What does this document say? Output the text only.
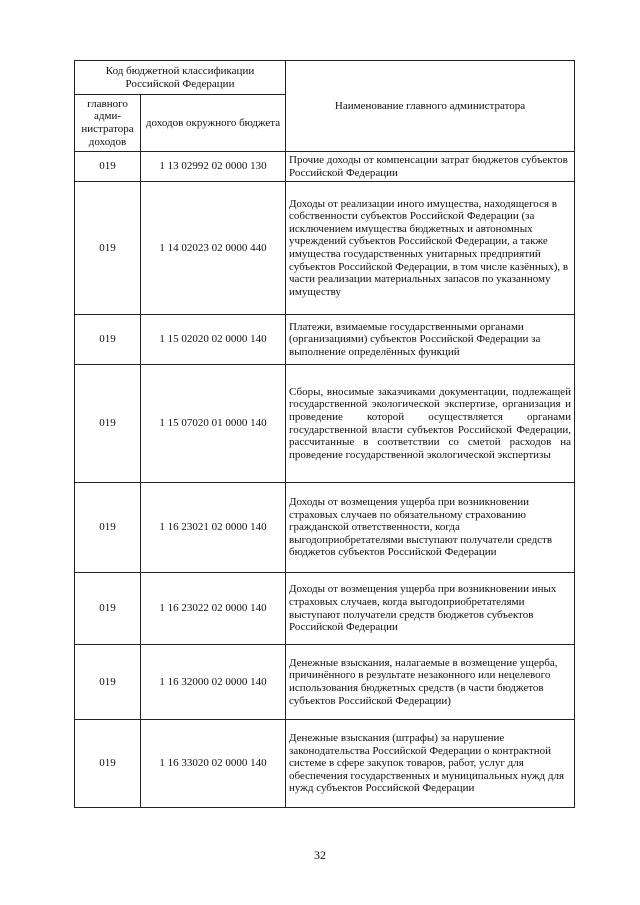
Код бюджетной классификации Российской Федерации		Наименование главного администратора
главного адми-нистратора доходов	доходов окружного бюджета	
019	1 13 02992 02 0000 130	Прочие доходы от компенсации затрат бюджетов субъектов Российской Федерации
019	1 14 02023 02 0000 440	Доходы от реализации иного имущества, находящегося в собственности субъектов Российской Федерации (за исключением имущества бюджетных и автономных учреждений субъектов Российской Федерации, а также имущества государственных унитарных предприятий субъектов Российской Федерации, в том числе казённых), в части реализации материальных запасов по указанному имуществу
019	1 15 02020 02 0000 140	Платежи, взимаемые государственными органами (организациями) субъектов Российской Федерации за выполнение определённых функций
019	1 15 07020 01 0000 140	Сборы, вносимые заказчиками документации, подлежащей государственной экологической экспертизе, организация и проведение которой осуществляется органами государственной власти субъектов Российской Федерации, рассчитанные в соответствии со сметой расходов на проведение государственной экологической экспертизы
019	1 16 23021 02 0000 140	Доходы от возмещения ущерба при возникновении страховых случаев по обязательному страхованию гражданской ответственности, когда выгодоприобретателями выступают получатели средств бюджетов субъектов Российской Федерации
019	1 16 23022 02 0000 140	Доходы от возмещения ущерба при возникновении иных страховых случаев, когда выгодоприобретателями выступают получатели средств бюджетов субъектов Российской Федерации
019	1 16 32000 02 0000 140	Денежные взыскания, налагаемые в возмещение ущерба, причинённого в результате незаконного или нецелевого использования бюджетных средств (в части бюджетов субъектов Российской Федерации)
019	1 16 33020 02 0000 140	Денежные взыскания (штрафы) за нарушение законодательства Российской Федерации о контрактной системе в сфере закупок товаров, работ, услуг для обеспечения государственных и муниципальных нужд для нужд субъектов Российской Федерации
32
